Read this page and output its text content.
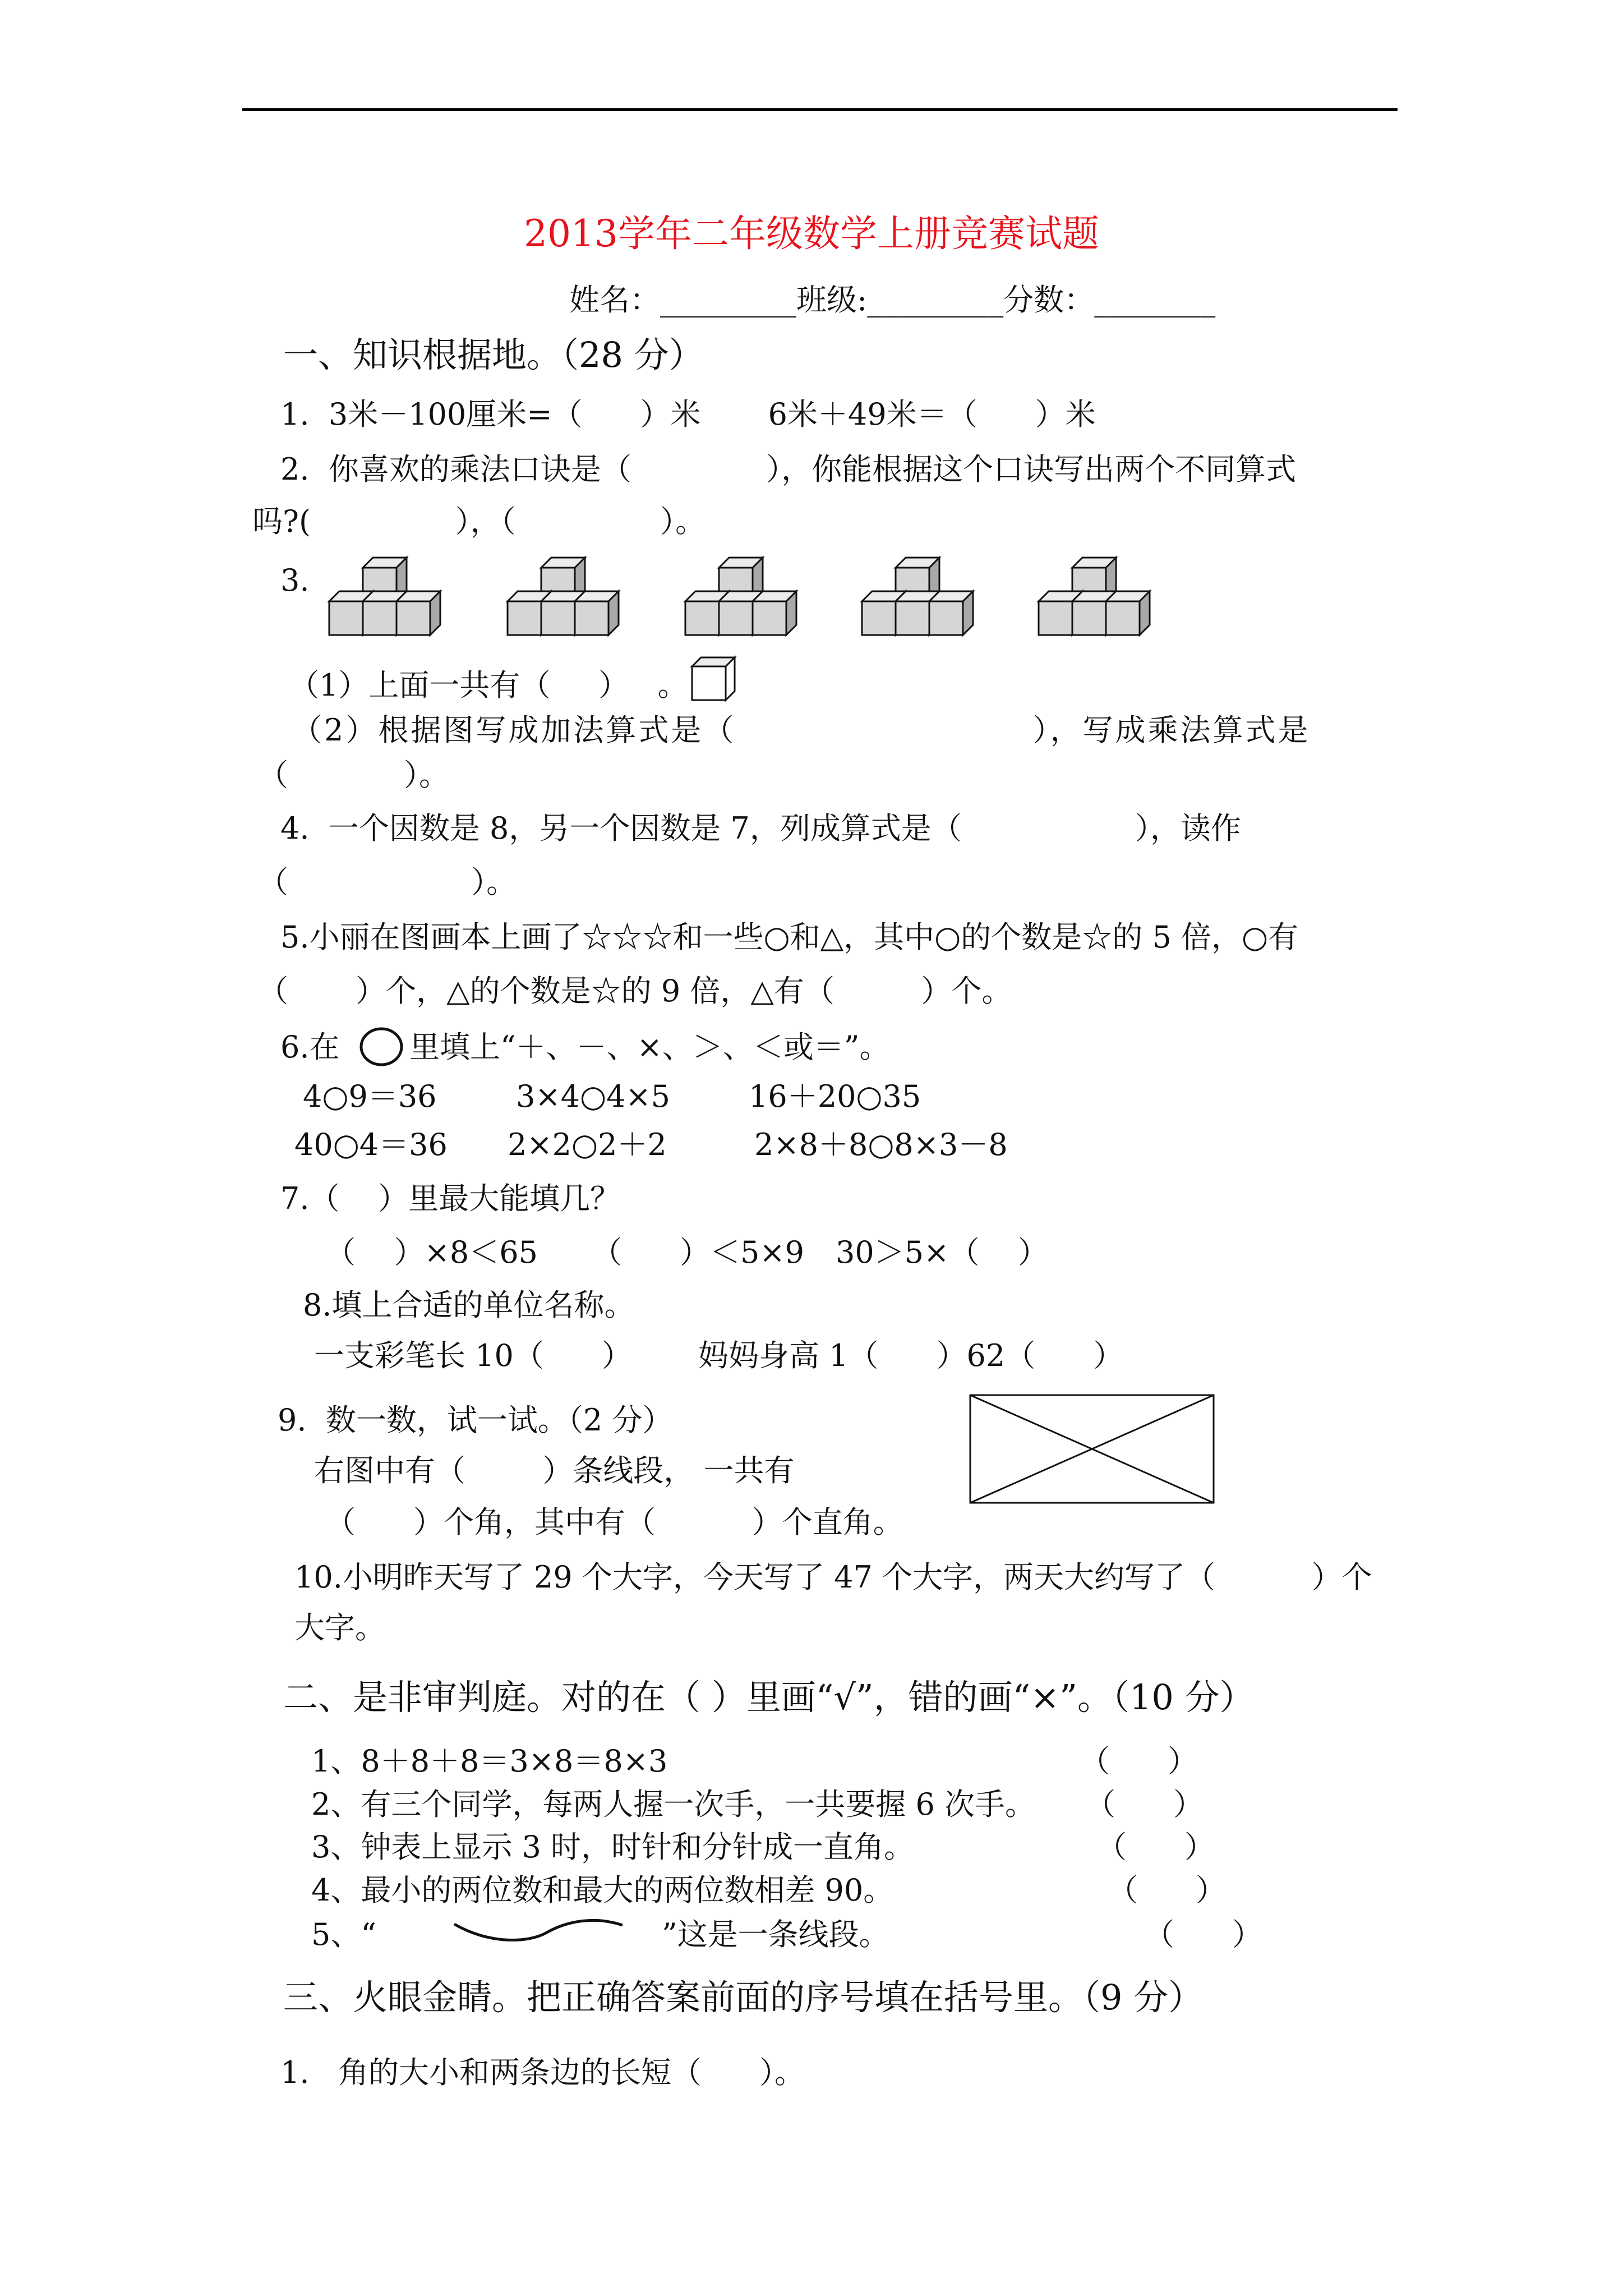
2013学年二年级数学上册竞赛试题
姓名：_________班级:_________分数：________
一、知识根据地。（28 分）
1.  3米－100厘米=（      ）米       6米＋49米＝（      ）米
2.  你喜欢的乘法口诀是（              ），你能根据这个口诀写出两个不同算式
吗?(               ），（               ）。
3.
（1）上面一共有（     ）   。
（2）根据图写成加法算式是（                         ），写成乘法算式是
（            ）。
4.  一个因数是 8，另一个因数是 7，列成算式是（                  ），读作
（                   ）。
5.小丽在图画本上画了☆☆☆和一些○和△，其中○的个数是☆的 5 倍，○有
（       ）个，△的个数是☆的 9 倍，△有（         ）个。
6.在 里填上“＋、－、×、＞、＜或＝”。
4○9＝36	3×4○4×5	16＋20○35
40○4＝36 2×2○2＋2	2×8＋8○8×3－8
7.（    ）里最大能填几？
（    ）×8＜65 （      ）＜5×9 30＞5×（    ）
8.填上合适的单位名称。
一支彩笔长 10（      ） 妈妈身高 1（      ）62（      ）
9.  数一数，试一试。（2 分）
右图中有（        ）条线段， 一共有
（      ）个角，其中有（          ）个直角。
10.小明昨天写了 29 个大字，今天写了 47 个大字，两天大约写了（          ）个
大字。
二、是非审判庭。对的在（ ）里画“√”，错的画“×”。（10 分）
1、8＋8＋8＝3×8＝8×3	（      ）
2、有三个同学，每两人握一次手，一共要握 6 次手。 （      ）
3、钟表上显示 3 时，时针和分针成一直角。	（      ）
4、最小的两位数和最大的两位数相差 90。	（      ）
5、“	”这是一条线段。	（      ）
三、火眼金睛。把正确答案前面的序号填在括号里。（9 分）
1.   角的大小和两条边的长短（      ）。
